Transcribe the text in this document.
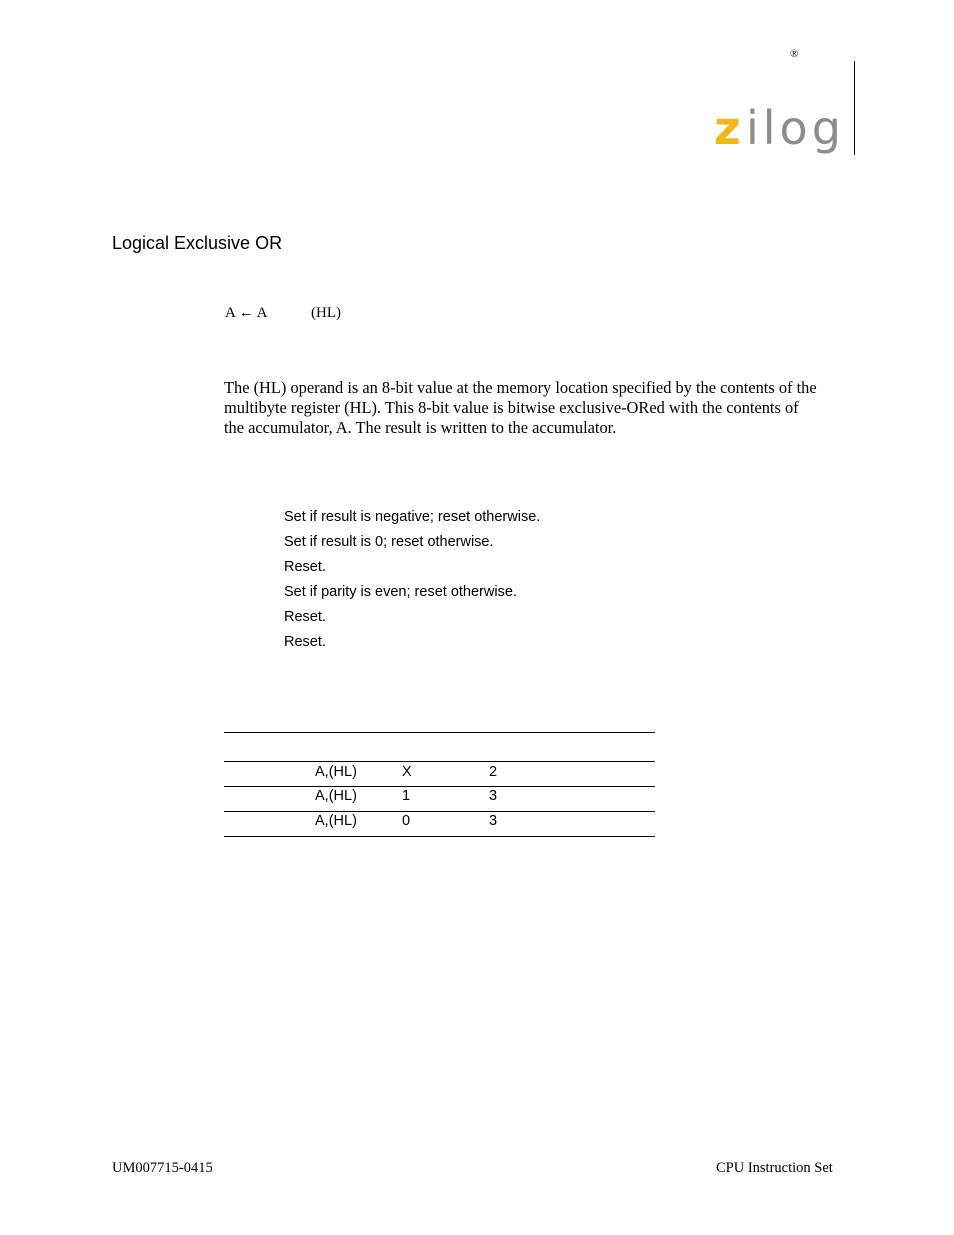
®
z ilog
Logical Exclusive OR
A ← A	(HL)
The (HL) operand is an 8-bit value at the memory location specified by the contents of the
multibyte register (HL). This 8-bit value is bitwise exclusive-ORed with the contents of
the accumulator, A. The result is written to the accumulator.
Set if result is negative; reset otherwise.
Set if result is 0; reset otherwise.
Reset.
Set if parity is even; reset otherwise.
Reset.
Reset.
A,(HL)	X	2
A,(HL)	1	3
A,(HL)	0	3
UM007715-0415	CPU Instruction Set
